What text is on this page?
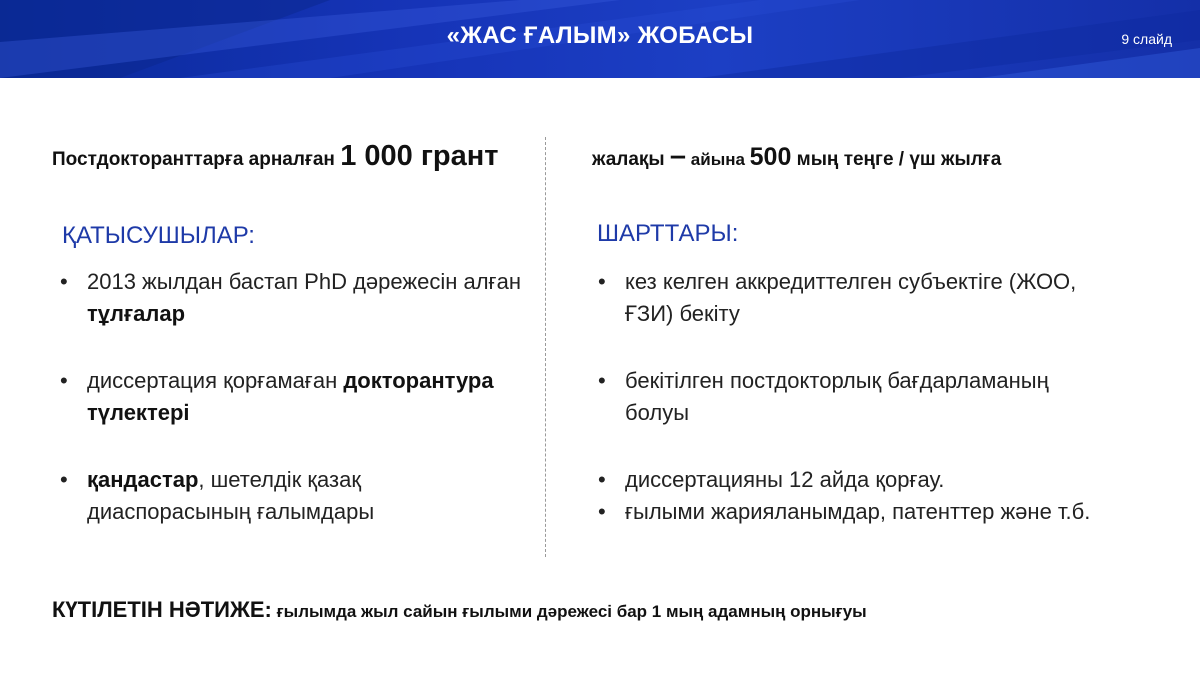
«ЖАС ҒАЛЫМ» ЖОБАСЫ	9 слайд
Постдокторанттарға арналған 1 000 грант	жалақы – айына 500 мың теңге / үш жылға
ҚАТЫСУШЫЛАР:	ШАРТТАРЫ:
• 2013 жылдан бастап PhD дәрежесін алған тұлғалар
• диссертация қорғамаған докторантура түлектері
• қандастар, шетелдік қазақ диаспорасының ғалымдары
• кез келген аккредиттелген субъектіге (ЖОО, ҒЗИ) бекіту
• бекітілген постдокторлық бағдарламаның болуы
• диссертацияны 12 айда қорғау.
• ғылыми жарияланымдар, патенттер және т.б.
КҮТІЛЕТІН НӘТИЖЕ: ғылымда жыл сайын ғылыми дәрежесі бар 1 мың адамның орнығуы
